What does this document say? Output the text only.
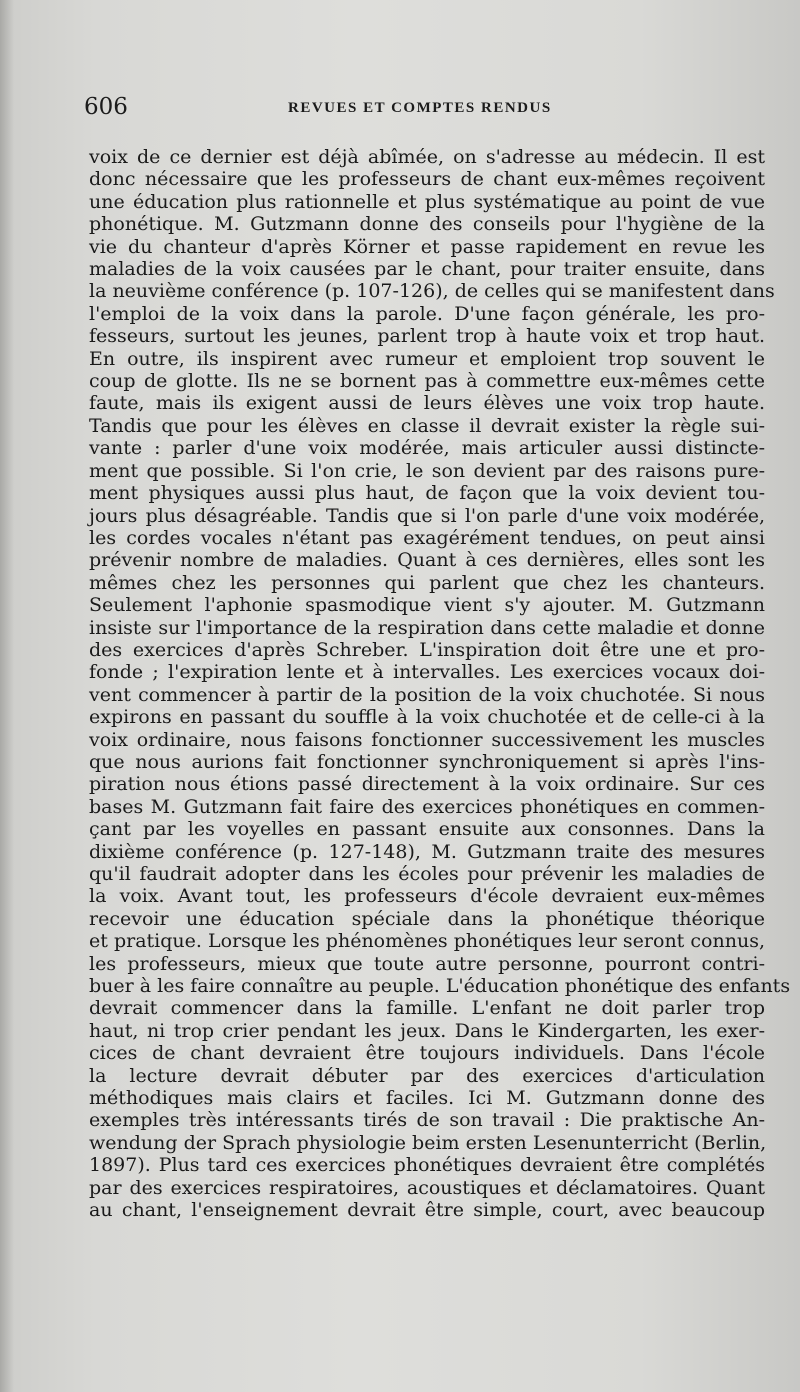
606	REVUES ET COMPTES RENDUS
voix de ce dernier est déjà abîmée, on s'adresse au médecin. Il est
donc nécessaire que les professeurs de chant eux-mêmes reçoivent
une éducation plus rationnelle et plus systématique au point de vue
phonétique. M. Gutzmann donne des conseils pour l'hygiène de la
vie du chanteur d'après Körner et passe rapidement en revue les
maladies de la voix causées par le chant, pour traiter ensuite, dans
la neuvième conférence (p. 107-126), de celles qui se manifestent dans
l'emploi de la voix dans la parole. D'une façon générale, les pro-
fesseurs, surtout les jeunes, parlent trop à haute voix et trop haut.
En outre, ils inspirent avec rumeur et emploient trop souvent le
coup de glotte. Ils ne se bornent pas à commettre eux-mêmes cette
faute, mais ils exigent aussi de leurs élèves une voix trop haute.
Tandis que pour les élèves en classe il devrait exister la règle sui-
vante : parler d'une voix modérée, mais articuler aussi distincte-
ment que possible. Si l'on crie, le son devient par des raisons pure-
ment physiques aussi plus haut, de façon que la voix devient tou-
jours plus désagréable. Tandis que si l'on parle d'une voix modérée,
les cordes vocales n'étant pas exagérément tendues, on peut ainsi
prévenir nombre de maladies. Quant à ces dernières, elles sont les
mêmes chez les personnes qui parlent que chez les chanteurs.
Seulement l'aphonie spasmodique vient s'y ajouter. M. Gutzmann
insiste sur l'importance de la respiration dans cette maladie et donne
des exercices d'après Schreber. L'inspiration doit être une et pro-
fonde ; l'expiration lente et à intervalles. Les exercices vocaux doi-
vent commencer à partir de la position de la voix chuchotée. Si nous
expirons en passant du souffle à la voix chuchotée et de celle-ci à la
voix ordinaire, nous faisons fonctionner successivement les muscles
que nous aurions fait fonctionner synchroniquement si après l'ins-
piration nous étions passé directement à la voix ordinaire. Sur ces
bases M. Gutzmann fait faire des exercices phonétiques en commen-
çant par les voyelles en passant ensuite aux consonnes. Dans la
dixième conférence (p. 127-148), M. Gutzmann traite des mesures
qu'il faudrait adopter dans les écoles pour prévenir les maladies de
la voix. Avant tout, les professeurs d'école devraient eux-mêmes
recevoir une éducation spéciale dans la phonétique théorique
et pratique. Lorsque les phénomènes phonétiques leur seront connus,
les professeurs, mieux que toute autre personne, pourront contri-
buer à les faire connaître au peuple. L'éducation phonétique des enfants
devrait commencer dans la famille. L'enfant ne doit parler trop
haut, ni trop crier pendant les jeux. Dans le Kindergarten, les exer-
cices de chant devraient être toujours individuels. Dans l'école
la lecture devrait débuter par des exercices d'articulation
méthodiques mais clairs et faciles. Ici M. Gutzmann donne des
exemples très intéressants tirés de son travail : Die praktische An-
wendung der Sprach physiologie beim ersten Lesenunterricht (Berlin,
1897). Plus tard ces exercices phonétiques devraient être complétés
par des exercices respiratoires, acoustiques et déclamatoires. Quant
au chant, l'enseignement devrait être simple, court, avec beaucoup
